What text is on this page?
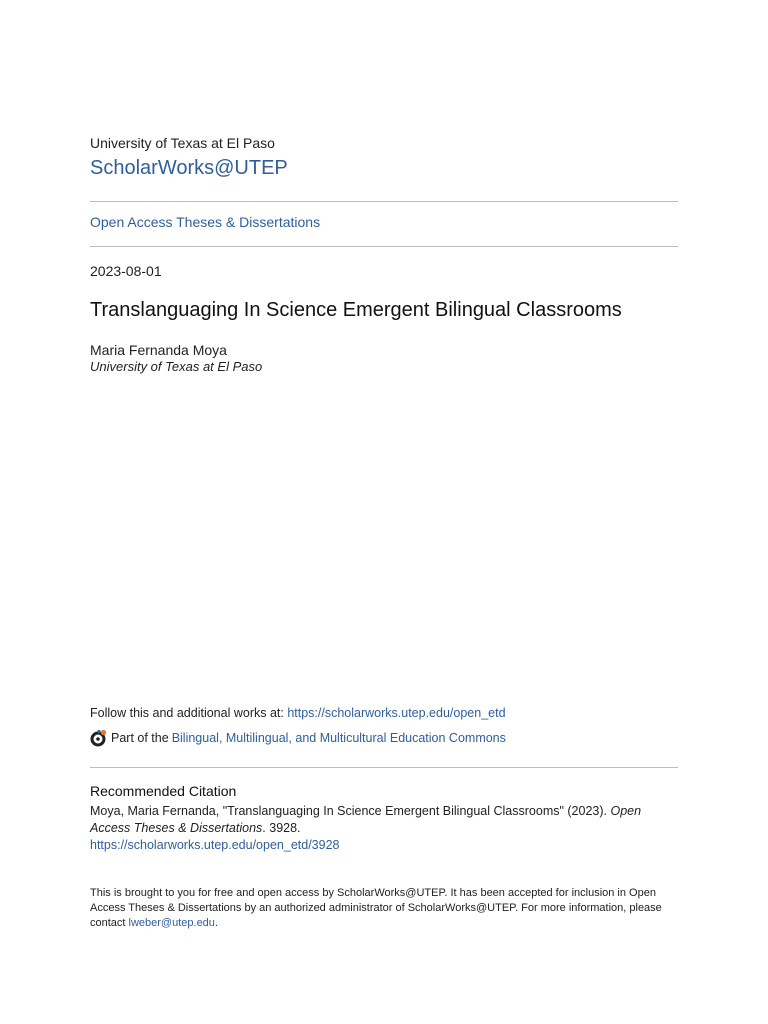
University of Texas at El Paso
ScholarWorks@UTEP
Open Access Theses & Dissertations
2023-08-01
Translanguaging In Science Emergent Bilingual Classrooms
Maria Fernanda Moya
University of Texas at El Paso
Follow this and additional works at: https://scholarworks.utep.edu/open_etd
Part of the Bilingual, Multilingual, and Multicultural Education Commons
Recommended Citation
Moya, Maria Fernanda, "Translanguaging In Science Emergent Bilingual Classrooms" (2023). Open Access Theses & Dissertations. 3928.
https://scholarworks.utep.edu/open_etd/3928
This is brought to you for free and open access by ScholarWorks@UTEP. It has been accepted for inclusion in Open Access Theses & Dissertations by an authorized administrator of ScholarWorks@UTEP. For more information, please contact lweber@utep.edu.
